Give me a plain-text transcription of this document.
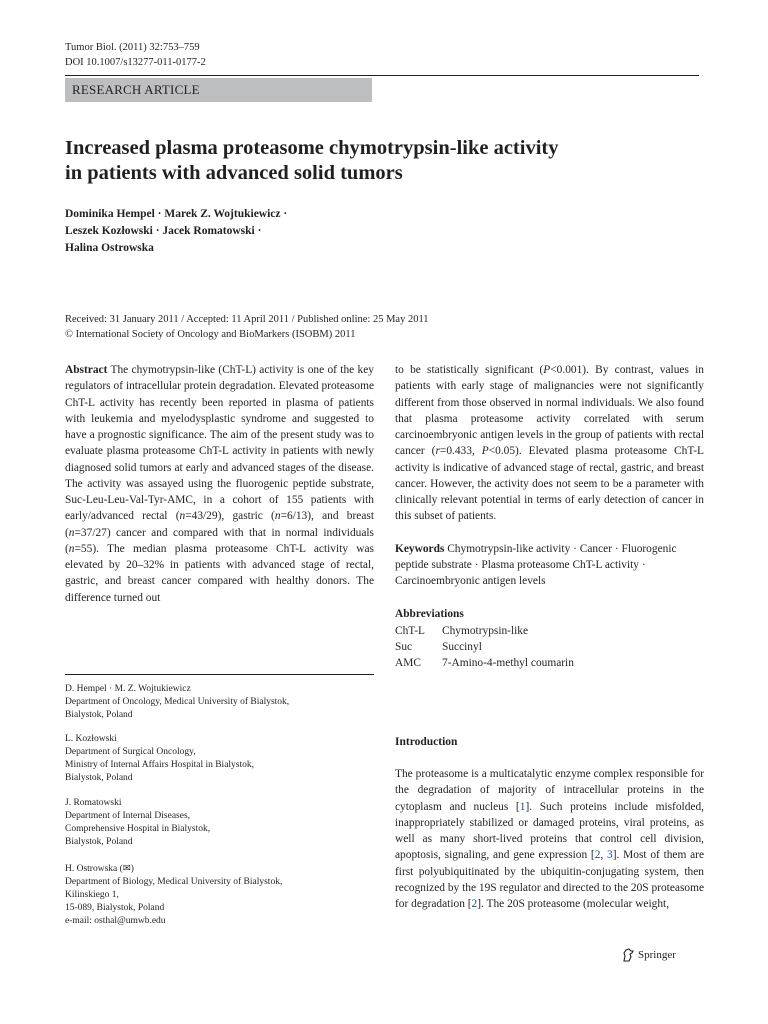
Tumor Biol. (2011) 32:753–759
DOI 10.1007/s13277-011-0177-2
RESEARCH ARTICLE
Increased plasma proteasome chymotrypsin-like activity
in patients with advanced solid tumors
Dominika Hempel · Marek Z. Wojtukiewicz ·
Leszek Kozłowski · Jacek Romatowski ·
Halina Ostrowska
Received: 31 January 2011 / Accepted: 11 April 2011 / Published online: 25 May 2011
© International Society of Oncology and BioMarkers (ISOBM) 2011

Abstract The chymotrypsin-like (ChT-L) activity is one of the key regulators of intracellular protein degradation. Elevated proteasome ChT-L activity has recently been reported in plasma of patients with leukemia and myelodysplastic syndrome and suggested to have a prognostic significance. The aim of the present study was to evaluate plasma proteasome ChT-L activity in patients with newly diagnosed solid tumors at early and advanced stages of the disease. The activity was assayed using the fluorogenic peptide substrate, Suc-Leu-Leu-Val-Tyr-AMC, in a cohort of 155 patients with early/advanced rectal (n=43/29), gastric (n=6/13), and breast (n=37/27) cancer and compared with that in normal individuals (n=55). The median plasma proteasome ChT-L activity was elevated by 20–32% in patients with advanced stage of rectal, gastric, and breast cancer compared with healthy donors. The difference turned out

to be statistically significant (P<0.001). By contrast, values in patients with early stage of malignancies were not significantly different from those observed in normal individuals. We also found that plasma proteasome activity correlated with serum carcinoembryonic antigen levels in the group of patients with rectal cancer (r=0.433, P<0.05). Elevated plasma proteasome ChT-L activity is indicative of advanced stage of rectal, gastric, and breast cancer. However, the activity does not seem to be a parameter with clinically relevant potential in terms of early detection of cancer in this subset of patients.

Keywords Chymotrypsin-like activity · Cancer · Fluorogenic peptide substrate · Plasma proteasome ChT-L activity · Carcinoembryonic antigen levels
Abbreviations
ChT-L	Chymotrypsin-like
Suc	Succinyl
AMC	7-Amino-4-methyl coumarin
D. Hempel · M. Z. Wojtukiewicz
Department of Oncology, Medical University of Bialystok,
Bialystok, Poland
L. Kozłowski
Department of Surgical Oncology,
Ministry of Internal Affairs Hospital in Bialystok,
Bialystok, Poland
J. Romatowski
Department of Internal Diseases,
Comprehensive Hospital in Bialystok,
Bialystok, Poland
H. Ostrowska (✉)
Department of Biology, Medical University of Bialystok,
Kilinskiego 1,
15-089, Bialystok, Poland
e-mail: osthal@umwb.edu
Introduction
The proteasome is a multicatalytic enzyme complex responsible for the degradation of majority of intracellular proteins in the cytoplasm and nucleus [1]. Such proteins include misfolded, inappropriately stabilized or damaged proteins, viral proteins, as well as many short-lived proteins that control cell division, apoptosis, signaling, and gene expression [2, 3]. Most of them are first polyubiquitinated by the ubiquitin-conjugating system, then recognized by the 19S regulator and directed to the 20S proteasome for degradation [2]. The 20S proteasome (molecular weight,
Springer
